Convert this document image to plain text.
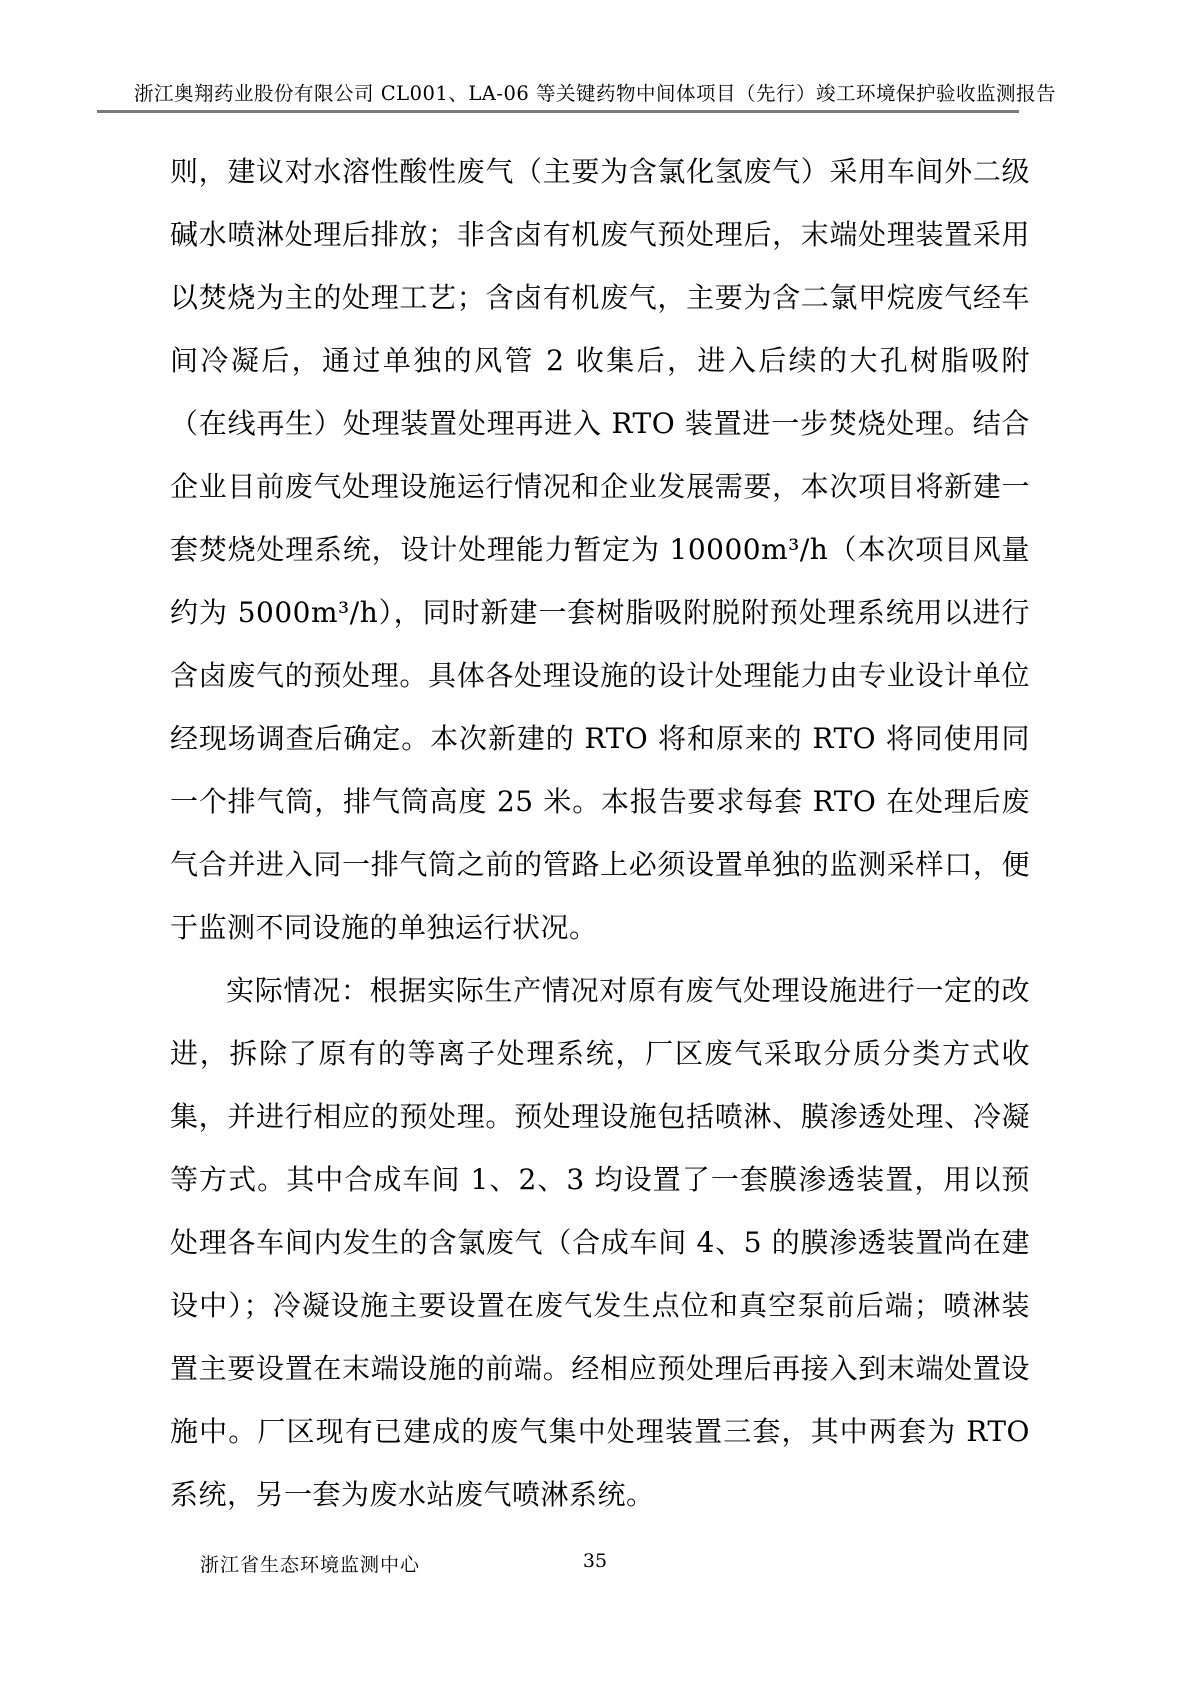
浙江奥翔药业股份有限公司 CL001、LA-06 等关键药物中间体项目（先行）竣工环境保护验收监测报告

则，建议对水溶性酸性废气（主要为含氯化氢废气）采用车间外二级碱水喷淋处理后排放；非含卤有机废气预处理后，末端处理装置采用以焚烧为主的处理工艺；含卤有机废气，主要为含二氯甲烷废气经车间冷凝后，通过单独的风管 2 收集后，进入后续的大孔树脂吸附（在线再生）处理装置处理再进入 RTO 装置进一步焚烧处理。结合企业目前废气处理设施运行情况和企业发展需要，本次项目将新建一套焚烧处理系统，设计处理能力暂定为 10000m³/h（本次项目风量约为 5000m³/h），同时新建一套树脂吸附脱附预处理系统用以进行含卤废气的预处理。具体各处理设施的设计处理能力由专业设计单位经现场调查后确定。本次新建的 RTO 将和原来的 RTO 将同使用同一个排气筒，排气筒高度 25 米。本报告要求每套 RTO 在处理后废气合并进入同一排气筒之前的管路上必须设置单独的监测采样口，便于监测不同设施的单独运行状况。

实际情况：根据实际生产情况对原有废气处理设施进行一定的改进，拆除了原有的等离子处理系统，厂区废气采取分质分类方式收集，并进行相应的预处理。预处理设施包括喷淋、膜渗透处理、冷凝等方式。其中合成车间 1、2、3 均设置了一套膜渗透装置，用以预处理各车间内发生的含氯废气（合成车间 4、5 的膜渗透装置尚在建设中）；冷凝设施主要设置在废气发生点位和真空泵前后端；喷淋装置主要设置在末端设施的前端。经相应预处理后再接入到末端处置设施中。厂区现有已建成的废气集中处理装置三套，其中两套为 RTO 系统，另一套为废水站废气喷淋系统。

浙江省生态环境监测中心	35
